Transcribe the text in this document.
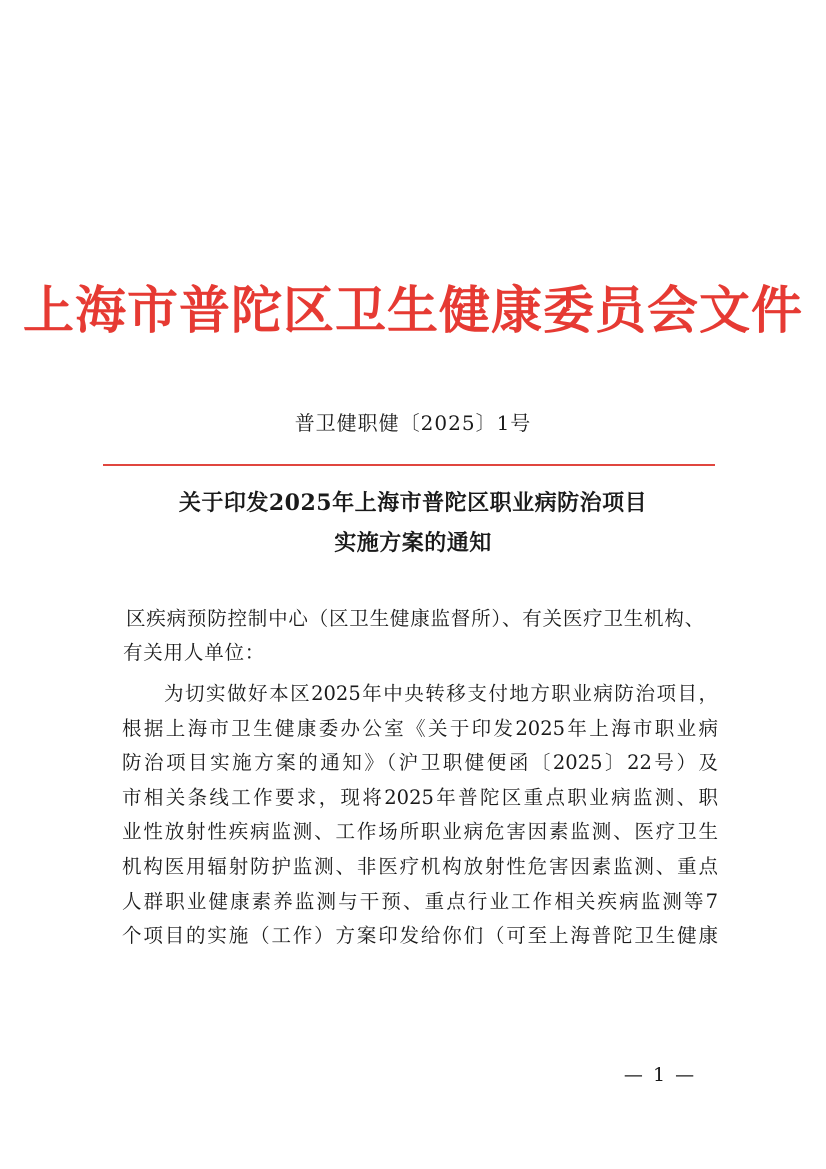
上海市普陀区卫生健康委员会文件
普卫健职健〔2025〕1号
关于印发2025年上海市普陀区职业病防治项目
实施方案的通知
区疾病预防控制中心（区卫生健康监督所）、有关医疗卫生机构、
有关用人单位：
为切实做好本区2025年中央转移支付地方职业病防治项目，
根据上海市卫生健康委办公室《关于印发2025年上海市职业病
防治项目实施方案的通知》（沪卫职健便函〔2025〕22号）及
市相关条线工作要求，现将2025年普陀区重点职业病监测、职
业性放射性疾病监测、工作场所职业病危害因素监测、医疗卫生
机构医用辐射防护监测、非医疗机构放射性危害因素监测、重点
人群职业健康素养监测与干预、重点行业工作相关疾病监测等7
个项目的实施（工作）方案印发给你们（可至上海普陀卫生健康
— 1 —
